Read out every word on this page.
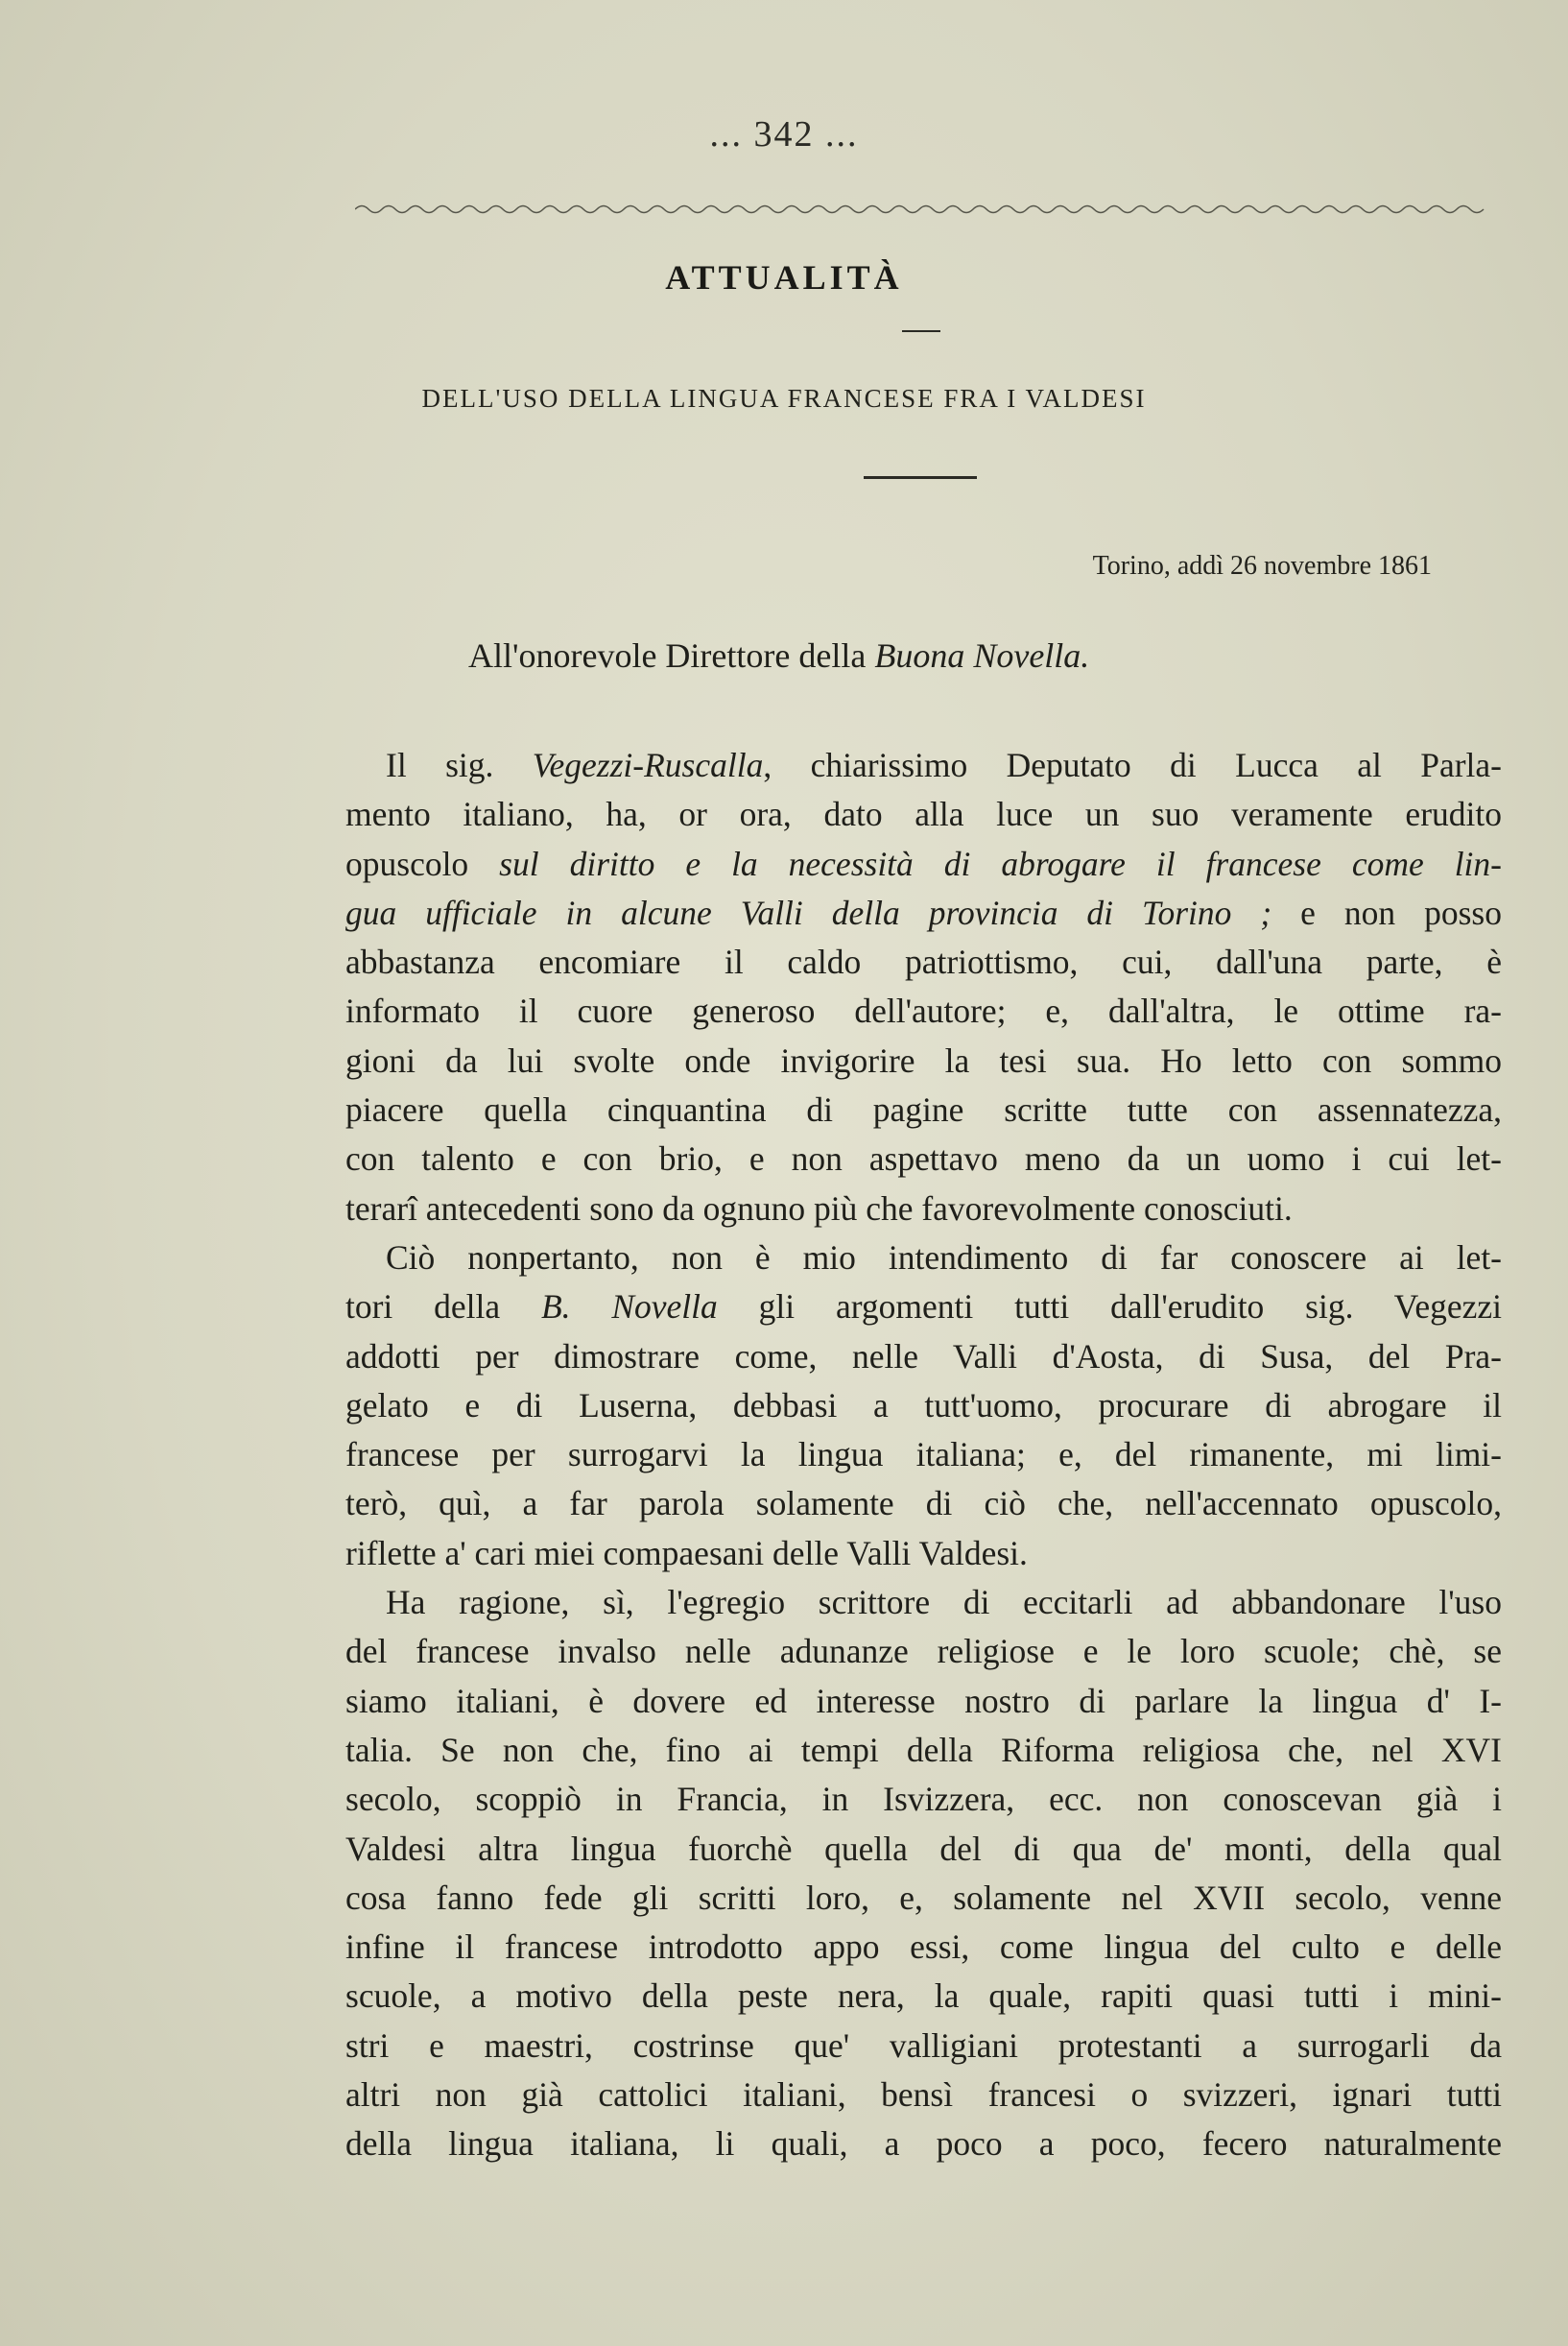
... 342 ...
ATTUALITÀ
DELL'USO DELLA LINGUA FRANCESE FRA I VALDESI
Torino, addì 26 novembre 1861
All'onorevole Direttore della Buona Novella.
Il sig. Vegezzi-Ruscalla, chiarissimo Deputato di Lucca al Parla-
mento italiano, ha, or ora, dato alla luce un suo veramente erudito
opuscolo sul diritto e la necessità di abrogare il francese come lin-
gua ufficiale in alcune Valli della provincia di Torino ; e non posso
abbastanza encomiare il caldo patriottismo, cui, dall'una parte, è
informato il cuore generoso dell'autore; e, dall'altra, le ottime ra-
gioni da lui svolte onde invigorire la tesi sua. Ho letto con sommo
piacere quella cinquantina di pagine scritte tutte con assennatezza,
con talento e con brio, e non aspettavo meno da un uomo i cui let-
terarî antecedenti sono da ognuno più che favorevolmente conosciuti.
Ciò nonpertanto, non è mio intendimento di far conoscere ai let-
tori della B. Novella gli argomenti tutti dall'erudito sig. Vegezzi
addotti per dimostrare come, nelle Valli d'Aosta, di Susa, del Pra-
gelato e di Luserna, debbasi a tutt'uomo, procurare di abrogare il
francese per surrogarvi la lingua italiana; e, del rimanente, mi limi-
terò, quì, a far parola solamente di ciò che, nell'accennato opuscolo,
riflette a' cari miei compaesani delle Valli Valdesi.
Ha ragione, sì, l'egregio scrittore di eccitarli ad abbandonare l'uso
del francese invalso nelle adunanze religiose e le loro scuole; chè, se
siamo italiani, è dovere ed interesse nostro di parlare la lingua d' I-
talia. Se non che, fino ai tempi della Riforma religiosa che, nel XVI
secolo, scoppiò in Francia, in Isvizzera, ecc. non conoscevan già i
Valdesi altra lingua fuorchè quella del di qua de' monti, della qual
cosa fanno fede gli scritti loro, e, solamente nel XVII secolo, venne
infine il francese introdotto appo essi, come lingua del culto e delle
scuole, a motivo della peste nera, la quale, rapiti quasi tutti i mini-
stri e maestri, costrinse que' valligiani protestanti a surrogarli da
altri non già cattolici italiani, bensì francesi o svizzeri, ignari tutti
della lingua italiana, li quali, a poco a poco, fecero naturalmente
